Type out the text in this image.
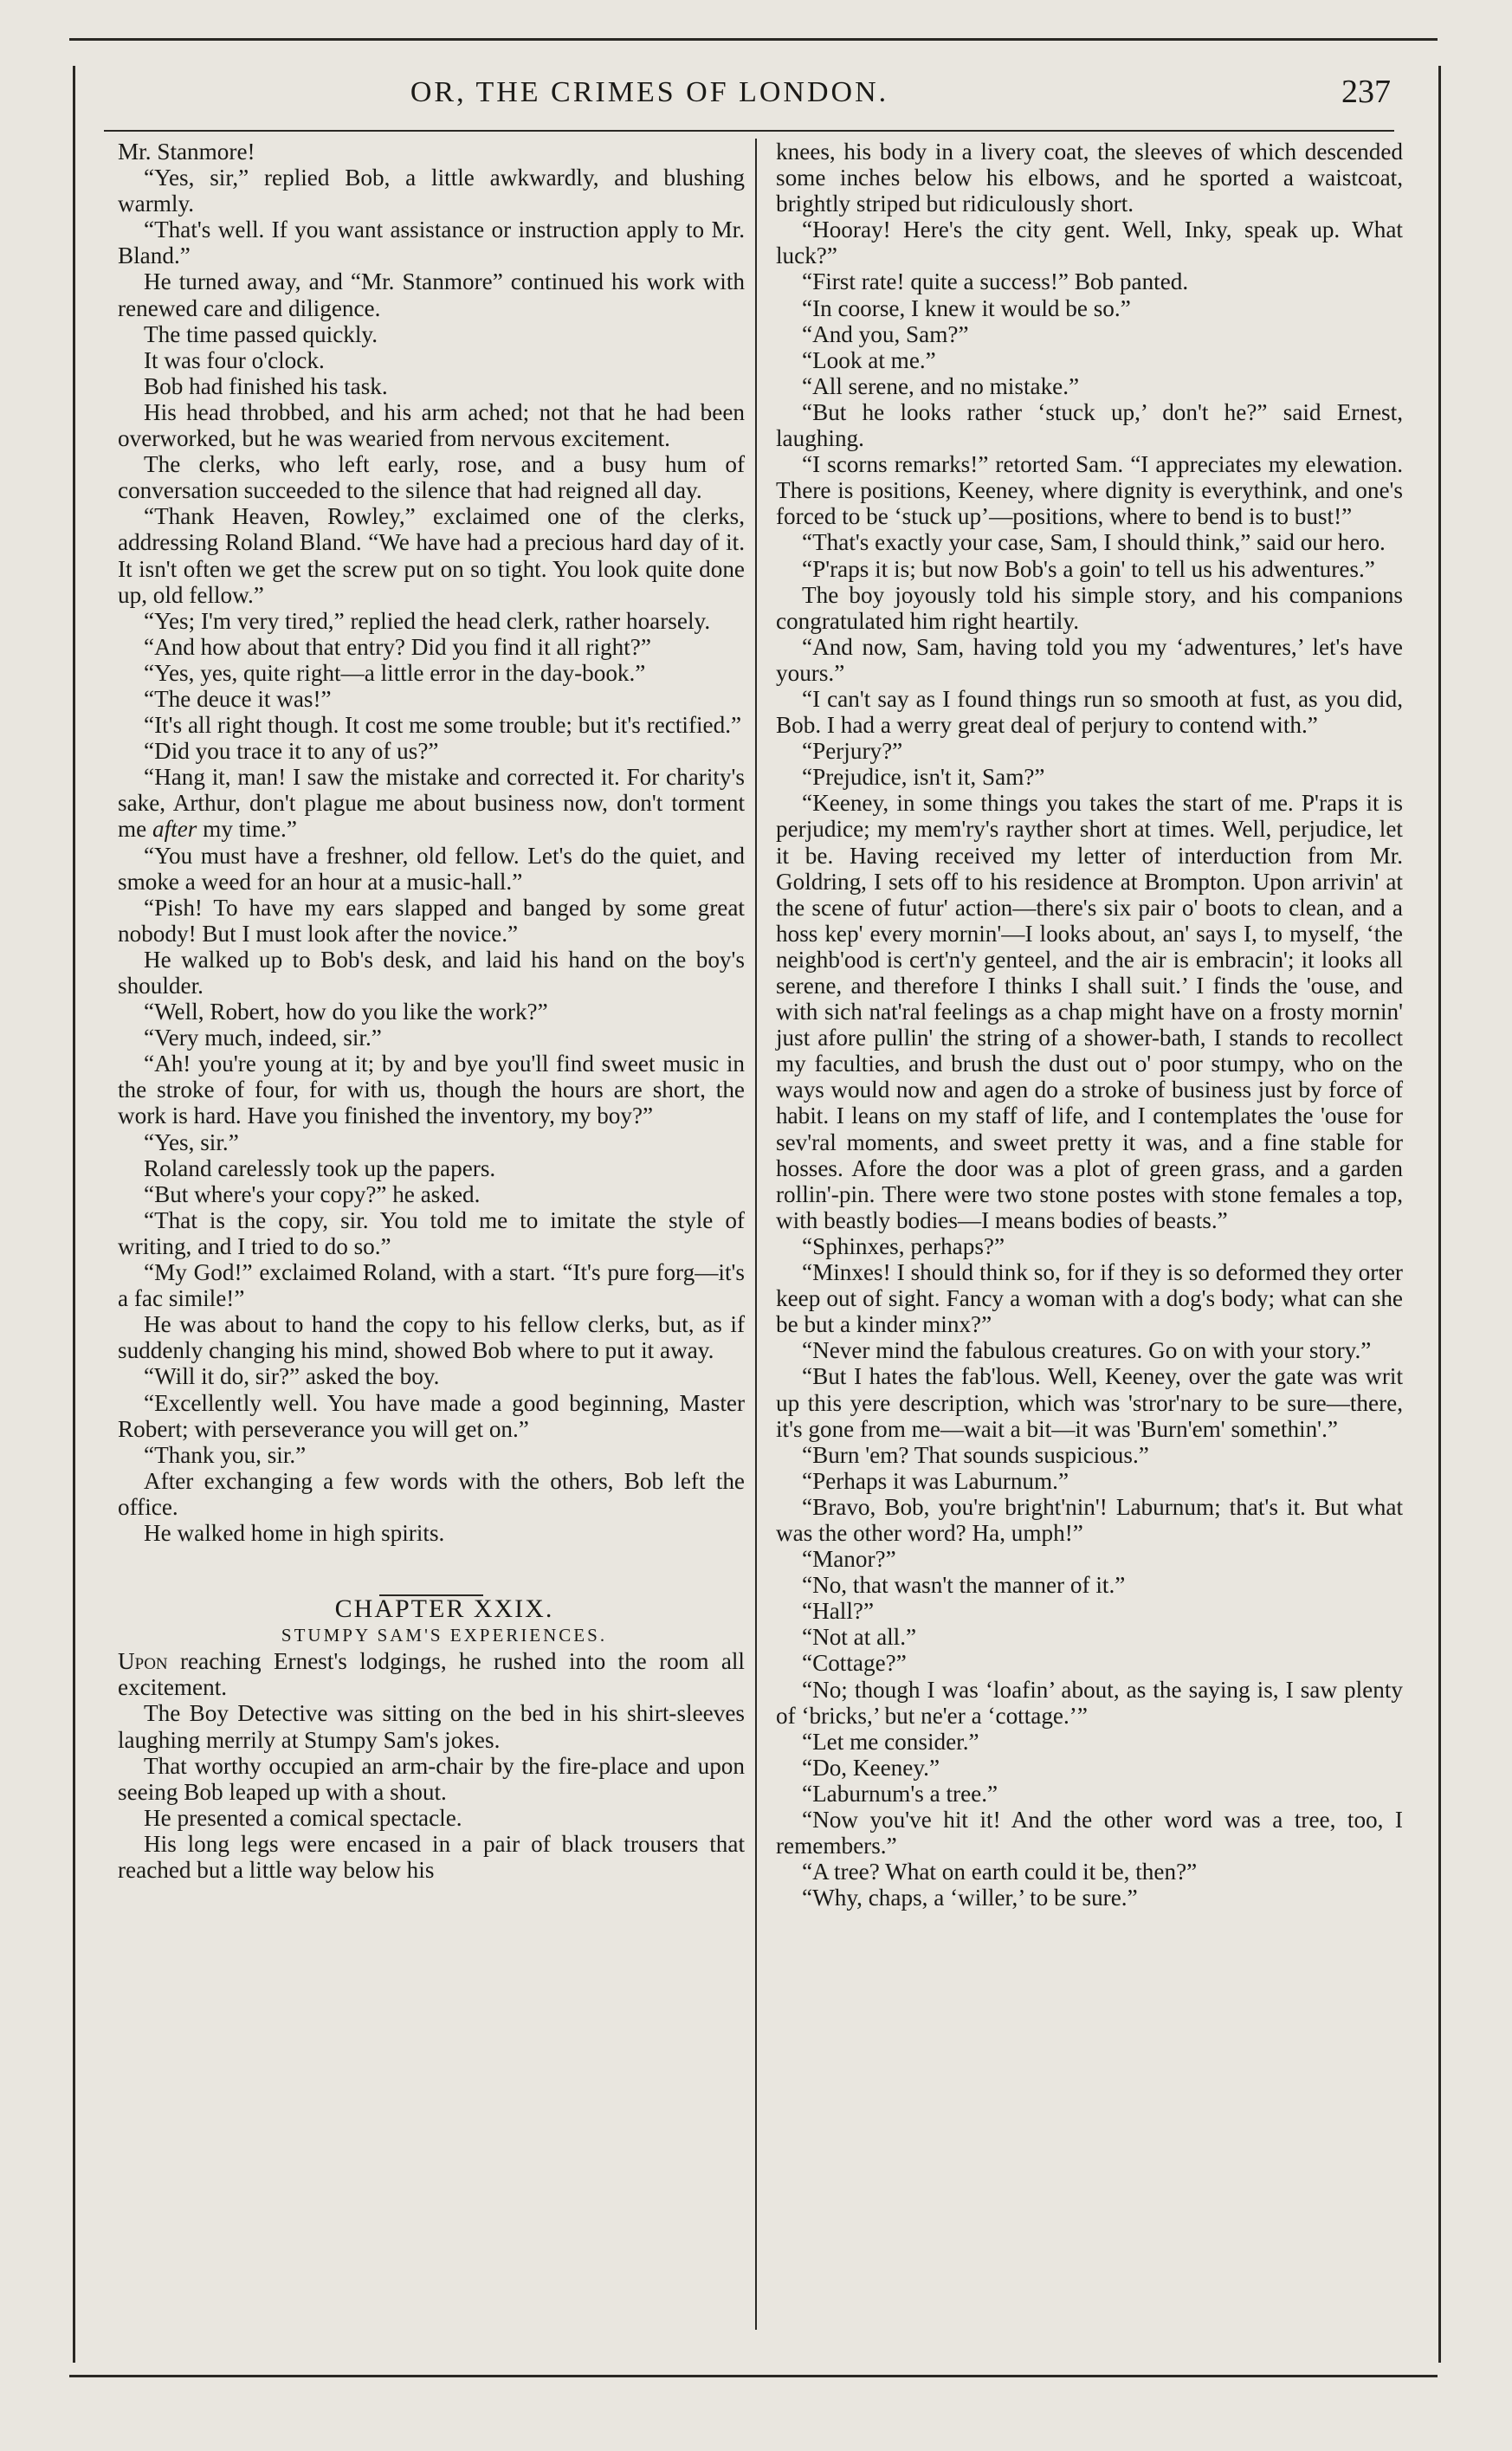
OR, THE CRIMES OF LONDON.	237

Mr. Stanmore!

“Yes, sir,” replied Bob, a little awkwardly, and blushing warmly.

“That's well. If you want assistance or instruction apply to Mr. Bland.”

He turned away, and “Mr. Stanmore” continued his work with renewed care and diligence.

The time passed quickly.

It was four o'clock.

Bob had finished his task.

His head throbbed, and his arm ached; not that he had been overworked, but he was wearied from nervous excitement.

The clerks, who left early, rose, and a busy hum of conversation succeeded to the silence that had reigned all day.

“Thank Heaven, Rowley,” exclaimed one of the clerks, addressing Roland Bland. “We have had a precious hard day of it. It isn't often we get the screw put on so tight. You look quite done up, old fellow.”

“Yes; I'm very tired,” replied the head clerk, rather hoarsely.

“And how about that entry? Did you find it all right?”

“Yes, yes, quite right—a little error in the day-book.”

“The deuce it was!”

“It's all right though. It cost me some trouble; but it's rectified.”

“Did you trace it to any of us?”

“Hang it, man! I saw the mistake and corrected it. For charity's sake, Arthur, don't plague me about business now, don't torment me after my time.”

“You must have a freshner, old fellow. Let's do the quiet, and smoke a weed for an hour at a music-hall.”

“Pish! To have my ears slapped and banged by some great nobody! But I must look after the novice.”

He walked up to Bob's desk, and laid his hand on the boy's shoulder.

“Well, Robert, how do you like the work?”

“Very much, indeed, sir.”

“Ah! you're young at it; by and bye you'll find sweet music in the stroke of four, for with us, though the hours are short, the work is hard. Have you finished the inventory, my boy?”

“Yes, sir.”

Roland carelessly took up the papers.

“But where's your copy?” he asked.

“That is the copy, sir. You told me to imitate the style of writing, and I tried to do so.”

“My God!” exclaimed Roland, with a start. “It's pure forg—it's a fac simile!”

He was about to hand the copy to his fellow clerks, but, as if suddenly changing his mind, showed Bob where to put it away.

“Will it do, sir?” asked the boy.

“Excellently well. You have made a good beginning, Master Robert; with perseverance you will get on.”

“Thank you, sir.”

After exchanging a few words with the others, Bob left the office.

He walked home in high spirits.

CHAPTER XXIX.

STUMPY SAM'S EXPERIENCES.

Upon reaching Ernest's lodgings, he rushed into the room all excitement.

The Boy Detective was sitting on the bed in his shirt-sleeves laughing merrily at Stumpy Sam's jokes.

That worthy occupied an arm-chair by the fire-place and upon seeing Bob leaped up with a shout.

He presented a comical spectacle.

His long legs were encased in a pair of black trousers that reached but a little way below his

knees, his body in a livery coat, the sleeves of which descended some inches below his elbows, and he sported a waistcoat, brightly striped but ridiculously short.

“Hooray! Here's the city gent. Well, Inky, speak up. What luck?”

“First rate! quite a success!” Bob panted.

“In coorse, I knew it would be so.”

“And you, Sam?”

“Look at me.”

“All serene, and no mistake.”

“But he looks rather ‘stuck up,’ don't he?” said Ernest, laughing.

“I scorns remarks!” retorted Sam. “I appreciates my elewation. There is positions, Keeney, where dignity is everythink, and one's forced to be ‘stuck up’—positions, where to bend is to bust!”

“That's exactly your case, Sam, I should think,” said our hero.

“P'raps it is; but now Bob's a goin' to tell us his adwentures.”

The boy joyously told his simple story, and his companions congratulated him right heartily.

“And now, Sam, having told you my ‘adwentures,’ let's have yours.”

“I can't say as I found things run so smooth at fust, as you did, Bob. I had a werry great deal of perjury to contend with.”

“Perjury?”

“Prejudice, isn't it, Sam?”

“Keeney, in some things you takes the start of me. P'raps it is perjudice; my mem'ry's rayther short at times. Well, perjudice, let it be. Having received my letter of interduction from Mr. Goldring, I sets off to his residence at Brompton. Upon arrivin' at the scene of futur' action—there's six pair o' boots to clean, and a hoss kep' every mornin'—I looks about, an' says I, to myself, ‘the neighb'ood is cert'n'y genteel, and the air is embracin'; it looks all serene, and therefore I thinks I shall suit.’ I finds the 'ouse, and with sich nat'ral feelings as a chap might have on a frosty mornin' just afore pullin' the string of a shower-bath, I stands to recollect my faculties, and brush the dust out o' poor stumpy, who on the ways would now and agen do a stroke of business just by force of habit. I leans on my staff of life, and I contemplates the 'ouse for sev'ral moments, and sweet pretty it was, and a fine stable for hosses. Afore the door was a plot of green grass, and a garden rollin'-pin. There were two stone postes with stone females a top, with beastly bodies—I means bodies of beasts.”

“Sphinxes, perhaps?”

“Minxes! I should think so, for if they is so deformed they orter keep out of sight. Fancy a woman with a dog's body; what can she be but a kinder minx?”

“Never mind the fabulous creatures. Go on with your story.”

“But I hates the fab'lous. Well, Keeney, over the gate was writ up this yere description, which was 'stror'nary to be sure—there, it's gone from me—wait a bit—it was 'Burn'em' somethin'.”

“Burn 'em? That sounds suspicious.”

“Perhaps it was Laburnum.”

“Bravo, Bob, you're bright'nin'! Laburnum; that's it. But what was the other word? Ha, umph!”

“Manor?”

“No, that wasn't the manner of it.”

“Hall?”

“Not at all.”

“Cottage?”

“No; though I was ‘loafin’ about, as the saying is, I saw plenty of ‘bricks,’ but ne'er a ‘cottage.’”

“Let me consider.”

“Do, Keeney.”

“Laburnum's a tree.”

“Now you've hit it! And the other word was a tree, too, I remembers.”

“A tree? What on earth could it be, then?”

“Why, chaps, a ‘willer,’ to be sure.”
